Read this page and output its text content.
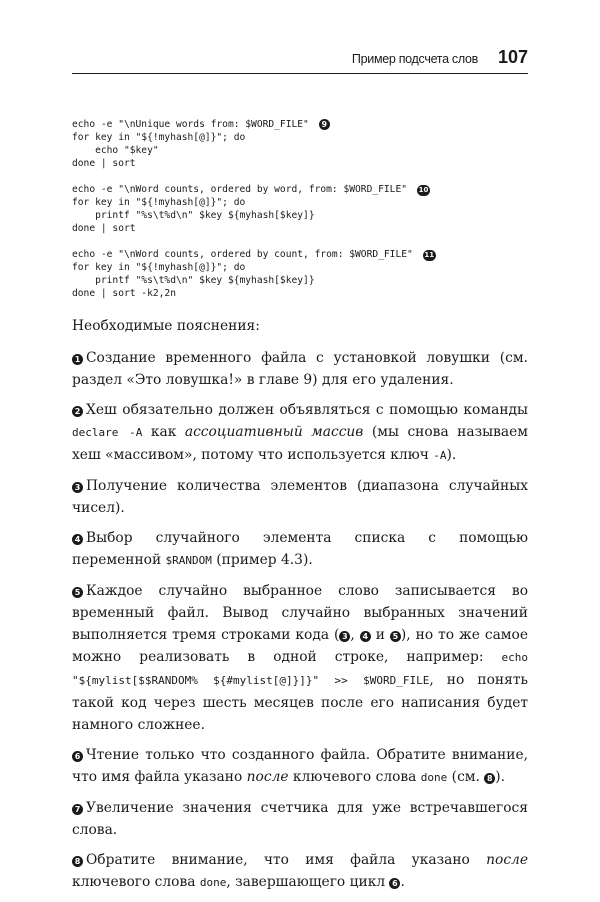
Пример подсчета слов 107
echo -e "\nUnique words from: $WORD_FILE" 9
for key in "${!myhash[@]}"; do
echo "$key"
done | sort
echo -e "\nWord counts, ordered by word, from: $WORD_FILE" 10
for key in "${!myhash[@]}"; do
printf "%s\t%d\n" $key ${myhash[$key]}
done | sort
echo -e "\nWord counts, ordered by count, from: $WORD_FILE" 11
for key in "${!myhash[@]}"; do
printf "%s\t%d\n" $key ${myhash[$key]}
done | sort -k2,2n

Необходимые пояснения:

1 Создание временного файла с установкой ловушки (см. раздел «Это ловушка!» в главе 9) для его удаления.

2 Хеш обязательно должен объявляться с помощью команды declare -A как ассоциативный массив (мы снова называем хеш «массивом», потому что используется ключ -A).

3 Получение количества элементов (диапазона случайных чисел).

4 Выбор случайного элемента списка с помощью переменной $RANDOM (пример 4.3).

5 Каждое случайно выбранное слово записывается во временный файл. Вывод случайно выбранных значений выполняется тремя строками кода ( 3 , 4 и 5 ), но то же самое можно реализовать в одной строке, например: echo "${mylist[$$RANDOM% ${#mylist[@]}]}" >> $WORD_FILE, но понять такой код через шесть месяцев после его написания будет намного сложнее.

6 Чтение только что созданного файла. Обратите внимание, что имя файла указано после ключевого слова done (см. 8 ).

7 Увеличение значения счетчика для уже встречавшегося слова.

8 Обратите внимание, что имя файла указано после ключевого слова done, завершающего цикл 6 .
